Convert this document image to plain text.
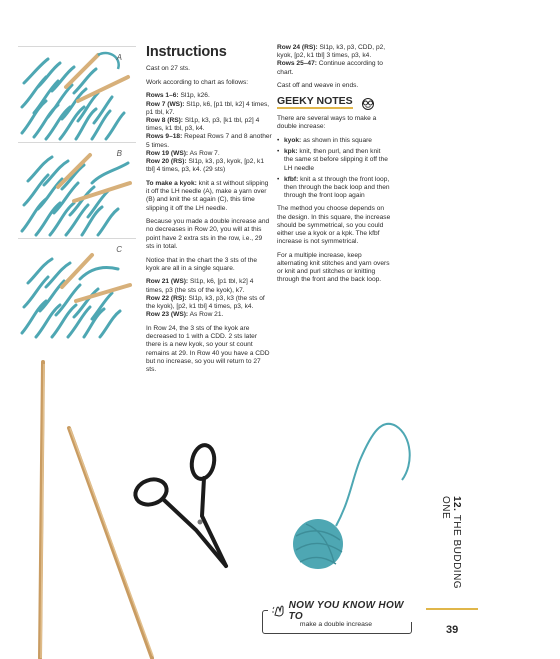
A
B
C
Instructions

Cast on 27 sts.

Work according to chart as follows:

Rows 1–6: Sl1p, k26.
Row 7 (WS): Sl1p, k6, [p1 tbl, k2] 4 times, p1 tbl, k7.
Row 8 (RS): Sl1p, k3, p3, [k1 tbl, p2] 4 times, k1 tbl, p3, k4.
Rows 9–18: Repeat Rows 7 and 8 another 5 times.
Row 19 (WS): As Row 7.
Row 20 (RS): Sl1p, k3, p3, kyok, [p2, k1 tbl] 4 times, p3, k4. (29 sts)

To make a kyok: knit a st without slipping it off the LH needle (A), make a yarn over (B) and knit the st again (C), this time slipping it off the LH needle.

Because you made a double increase and no decreases in Row 20, you will at this point have 2 extra sts in the row, i.e., 29 sts in total.

Notice that in the chart the 3 sts of the kyok are all in a single square.

Row 21 (WS): Sl1p, k6, [p1 tbl, k2] 4 times, p3 (the sts of the kyok), k7.
Row 22 (RS): Sl1p, k3, p3, k3 (the sts of the kyok), [p2, k1 tbl] 4 times, p3, k4.
Row 23 (WS): As Row 21.

In Row 24, the 3 sts of the kyok are decreased to 1 with a CDD. 2 sts later there is a new kyok, so your st count remains at 29. In Row 40 you have a CDD but no increase, so you will return to 27 sts.

Row 24 (RS): Sl1p, k3, p3, CDD, p2, kyok, [p2, k1 tbl] 3 times, p3, k4.
Rows 25–47: Continue according to chart.

Cast off and weave in ends.

GEEKY NOTES

There are several ways to make a double increase:

• kyok: as shown in this square
• kpk: knit, then purl, and then knit the same st before slipping it off the LH needle
• kfbf: knit a st through the front loop, then through the back loop and then through the front loop again

The method you choose depends on the design. In this square, the increase should be symmetrical, so you could either use a kyok or a kpk. The kfbf increase is not symmetrical.

For a multiple increase, keep alternating knit stitches and yarn overs or knit and purl stitches or knitting through the front and the back loop.

12. THE BUDDING ONE
NOW YOU KNOW HOW TO
make a double increase	39
